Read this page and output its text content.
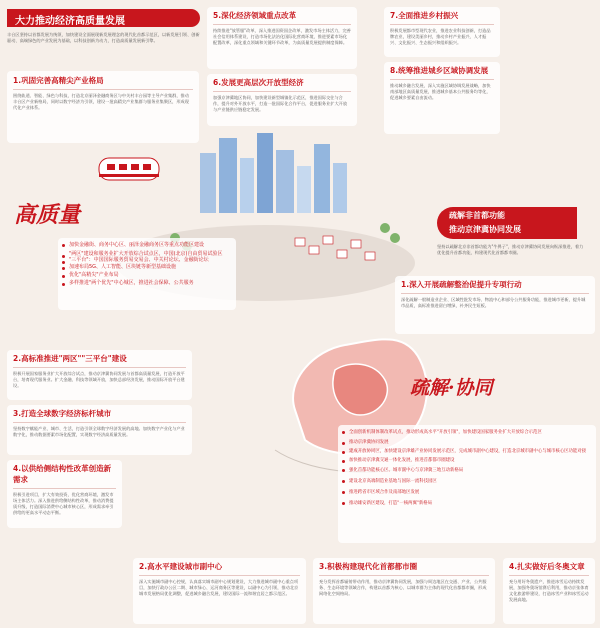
大力推动经济高质量发展
丰台区坚持以首都发展为统领，加快建设全面展现新发展理念的现代化首都示范区，以新发展引领、创新驱动、高端绿色的产业发展为基础，以科技创新为动力，打造高质量发展新引擎。
1.巩固完善高精尖产业格局
围绕轨道、智能、绿色与科技，打造北京丽泽金融商务区与中关村丰台园等主导产业集群，推动丰台区产业新格局，同时以数字经济为引领，建设一批高精尖产业集群与服务业集聚区，形成现代化产业体系。
5.深化经济领域重点改革
持续推进"放管服"改革，深入推进国资国企改革，激发市场主体活力，完善社会信用体系建设，打造市场化法治化国际化营商环境，推进要素市场化配置改革，深化重点领域和关键环节改革，为高质量发展提供制度保障。
6.发展更高层次开放型经济
加强京津冀地区协同，加快建设新型城镇化示范区，推进国际交往与合作，提升对外开放水平，打造一批国际化合作平台，促进服务业扩大开放与产业链供应链稳定发展。
7.全面推进乡村振兴
积极发展都市型现代农业，推进农业科技创新，打造品牌农业，建设美丽乡村，推动乡村产业振兴、人才振兴、文化振兴、生态振兴和组织振兴。
8.统筹推进城乡区域协调发展
推动城乡融合发展，深入实施区域协调发展战略，加快南部地区高质量发展，推进城乡基本公共服务均等化，促进城乡要素自由流动。
高质量
加快金融街、商务中心区、丽泽金融商务区等重点功能区建设
"两区"建设和服务业扩大开放综合试点区，中国(北京)自由贸易试验区
"三平台"：中国国际服务贸易交易会、中关村论坛、金融街论坛
加速布局5G、人工智能、区块链等新型基础设施
优化"高精尖"产业布局
多样推进"两个优先"中心城区，推进社会保障、公共服务
2.高标准推进"两区""三平台"建设
积极开展国家服务业扩大开放综合试点，推动京津冀协同发展与首都高质量发展，打造开放平台，培育现代服务业。扩大金融、科技等领域开放，加快总部经济发展，推动国际开放平台建设。
3.打造全球数字经济标杆城市
坚持数字赋能产业、城市、生活，打造引领全球数字经济发展的高地。加快数字产业化与产业数字化，推动数据要素市场化配置，实现数字经济高质量发展。
4.以供给侧结构性改革创造新需求
积极引进项目，扩大有效投资，优化营商环境，激发市场主体活力。深入推进供给侧结构性改革，推动消费提质升级，打造国际消费中心城市核心区，形成需求牵引供给的更高水平动态平衡。
疏解非首都功能
推动京津冀协同发展
坚持以疏解北京非首都功能为"牛鼻子"，推动京津冀协同发展向纵深推进，着力优化提升首都功能，构建现代化首都都市圈。
1.深入开展疏解整治促提升专项行动
深化疏解一般制造业企业、区域性批发市场、物流中心和部分公共服务功能，推进城市更新，提升城市品质，高标准推进留白增绿，补齐民生短板。
疏解·协同
全面创新机制体制改革试点，推动形成高水平"开放引领"，加快建设国家服务业扩大开放综合示范区
推动京津冀协同发展
建成开放协同区，加快建设京津雄产业协同发展示范区，完成城市副中心建设，打造北京城市副中心与城市核心区功能对接
加快推动京津冀交通一体化发展，推进首都都市圈建设
强化首都功能核心区、城市副中心与京津冀三地互动新格局
建设北京高端制造业基地与国际一流科技园区
推进跨省市区域合作及南部地区发展
推动雄安新区建设，打造"一核两翼"新格局
2.高水平建设城市副中心
深入实施城市副中心控规，认真落实城市副中心规划建设，大力推进城市副中心重点项目，加快行政办公区二期、城市绿心、运河商务区等建设，以副中心为引领，推动北京城市发展格局优化调整，促进城乡融合发展，建设国际一流和谐宜居之都示范区。
3.积极构建现代化首都都市圈
充分发挥首都辐射带动作用，推动京津冀协同发展，加强与周边地区在交通、产业、公共服务、生态环境等领域合作，构建以首都为核心、以城市群为主体的现代化首都都市圈，形成网络化空间格局。
4.扎实做好后冬奥文章
充分用好冬奥遗产，推进冰雪运动持续发展，加强冬奥场馆赛后利用，推动京张体育文化旅游带建设，打造冰雪产业和冰雪运动发展高地。
